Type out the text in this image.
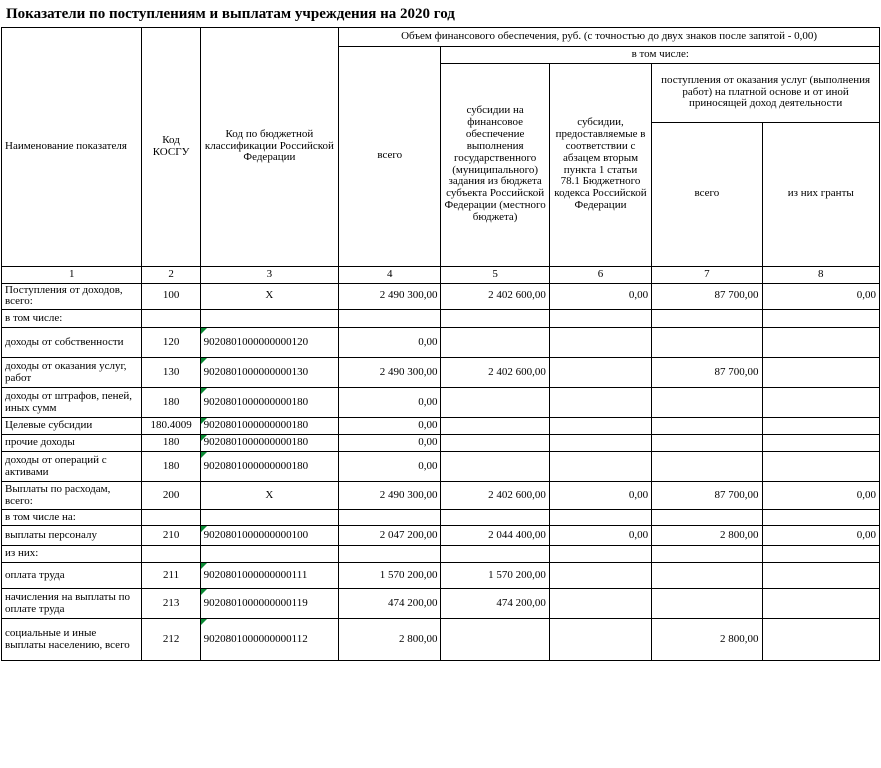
Показатели по поступлениям и выплатам учреждения на 2020 год
Наименование показателя	Код КОСГУ	Код по бюджетной классификации Российской Федерации	Объем финансового обеспечения, руб. (с точностью до двух знаков после запятой - 0,00)				
			всего	в том числе:			
				субсидии на финансовое обеспечение выполнения государственного (муниципального) задания из бюджета субъекта Российской Федерации (местного бюджета)	субсидии, предоставляемые в соответствии с абзацем вторым пункта 1 статьи 78.1 Бюджетного кодекса Российской Федерации	поступления от оказания услуг (выполнения работ) на платной основе и от иной приносящей доход деятельности	
						всего	из них гранты

1	2	3	4	5	6	7	8
Поступления от доходов, всего:	100	X	2 490 300,00	2 402 600,00	0,00	87 700,00	0,00
в том числе:							
доходы от собственности	120	9020801000000000120	0,00				
доходы от оказания услуг, работ	130	9020801000000000130	2 490 300,00	2 402 600,00		87 700,00	
доходы от штрафов, пеней, иных сумм	180	9020801000000000180	0,00				
Целевые субсидии	180.4009	9020801000000000180	0,00				
прочие доходы	180	9020801000000000180	0,00				
доходы от операций с активами	180	9020801000000000180	0,00				
Выплаты по расходам, всего:	200	X	2 490 300,00	2 402 600,00	0,00	87 700,00	0,00
в том числе на:							
выплаты персоналу	210	9020801000000000100	2 047 200,00	2 044 400,00	0,00	2 800,00	0,00
из них:							
оплата труда	211	9020801000000000111	1 570 200,00	1 570 200,00			
начисления на выплаты по оплате труда	213	9020801000000000119	474 200,00	474 200,00			
социальные и иные выплаты населению, всего	212	9020801000000000112	2 800,00			2 800,00	
